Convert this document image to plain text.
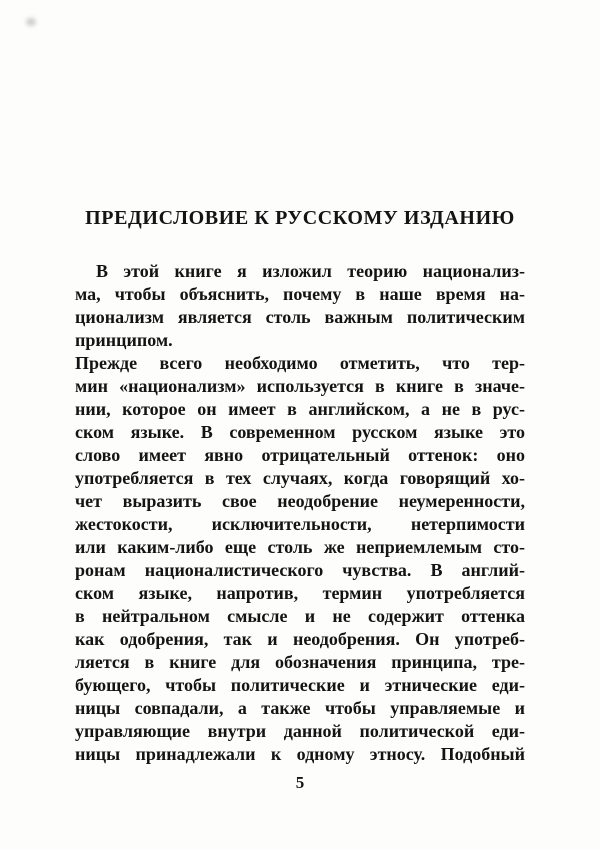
ПРЕДИСЛОВИЕ К РУССКОМУ ИЗДАНИЮ
В этой книге я изложил теорию национализ-
ма, чтобы объяснить, почему в наше время на-
ционализм является столь важным политическим
принципом.
Прежде всего необходимо отметить, что тер-
мин «национализм» используется в книге в значе-
нии, которое он имеет в английском, а не в рус-
ском языке. В современном русском языке это
слово имеет явно отрицательный оттенок: оно
употребляется в тех случаях, когда говорящий хо-
чет выразить свое неодобрение неумеренности,
жестокости, исключительности, нетерпимости
или каким-либо еще столь же неприемлемым сто-
ронам националистического чувства. В англий-
ском языке, напротив, термин употребляется
в нейтральном смысле и не содержит оттенка
как одобрения, так и неодобрения. Он употреб-
ляется в книге для обозначения принципа, тре-
бующего, чтобы политические и этнические еди-
ницы совпадали, а также чтобы управляемые и
управляющие внутри данной политической еди-
ницы принадлежали к одному этносу. Подобный
5
